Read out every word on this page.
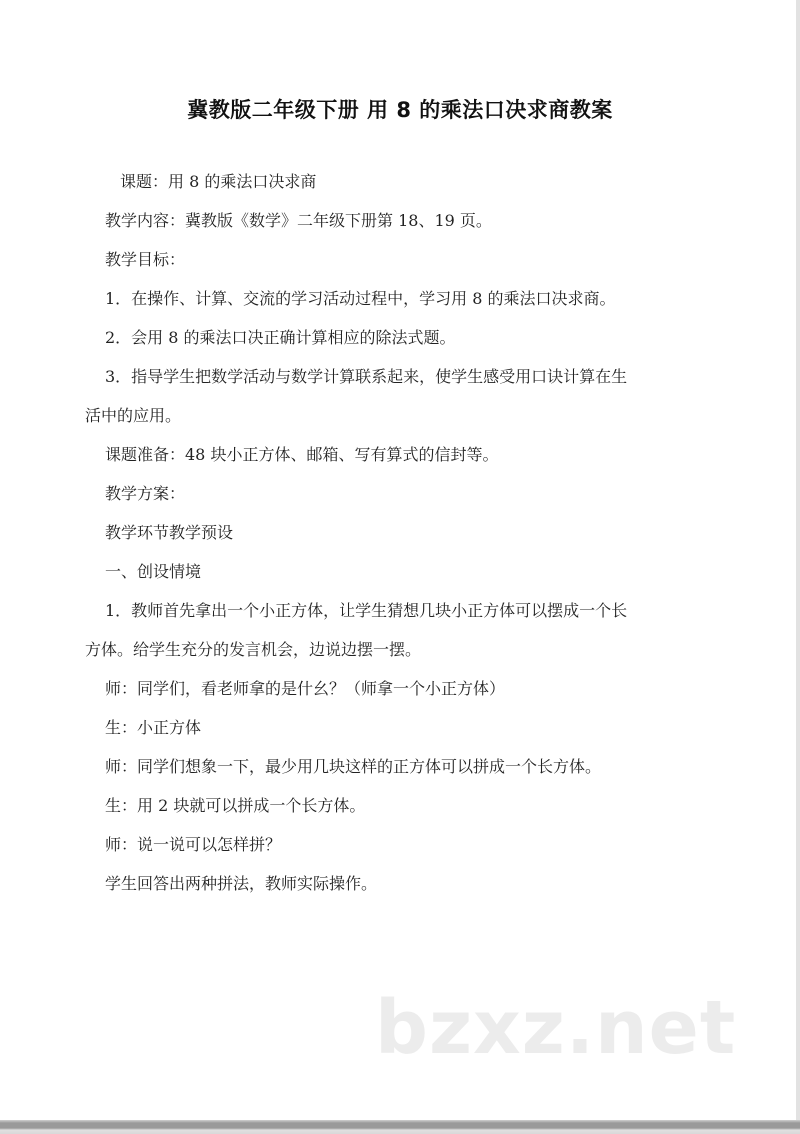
冀教版二年级下册 用 8 的乘法口决求商教案
课题：用 8 的乘法口决求商
教学内容：冀教版《数学》二年级下册第 18、19 页。
教学目标：
1．在操作、计算、交流的学习活动过程中，学习用 8 的乘法口决求商。
2．会用 8 的乘法口决正确计算相应的除法式题。
3．指导学生把数学活动与数学计算联系起来，使学生感受用口诀计算在生
活中的应用。
课题准备：48 块小正方体、邮箱、写有算式的信封等。
教学方案：
教学环节教学预设
一、创设情境
1．教师首先拿出一个小正方体，让学生猜想几块小正方体可以摆成一个长
方体。给学生充分的发言机会，边说边摆一摆。
师：同学们，看老师拿的是什幺？（师拿一个小正方体）
生：小正方体
师：同学们想象一下，最少用几块这样的正方体可以拼成一个长方体。
生：用 2 块就可以拼成一个长方体。
师：说一说可以怎样拼？
学生回答出两种拼法，教师实际操作。
bzxz.net
